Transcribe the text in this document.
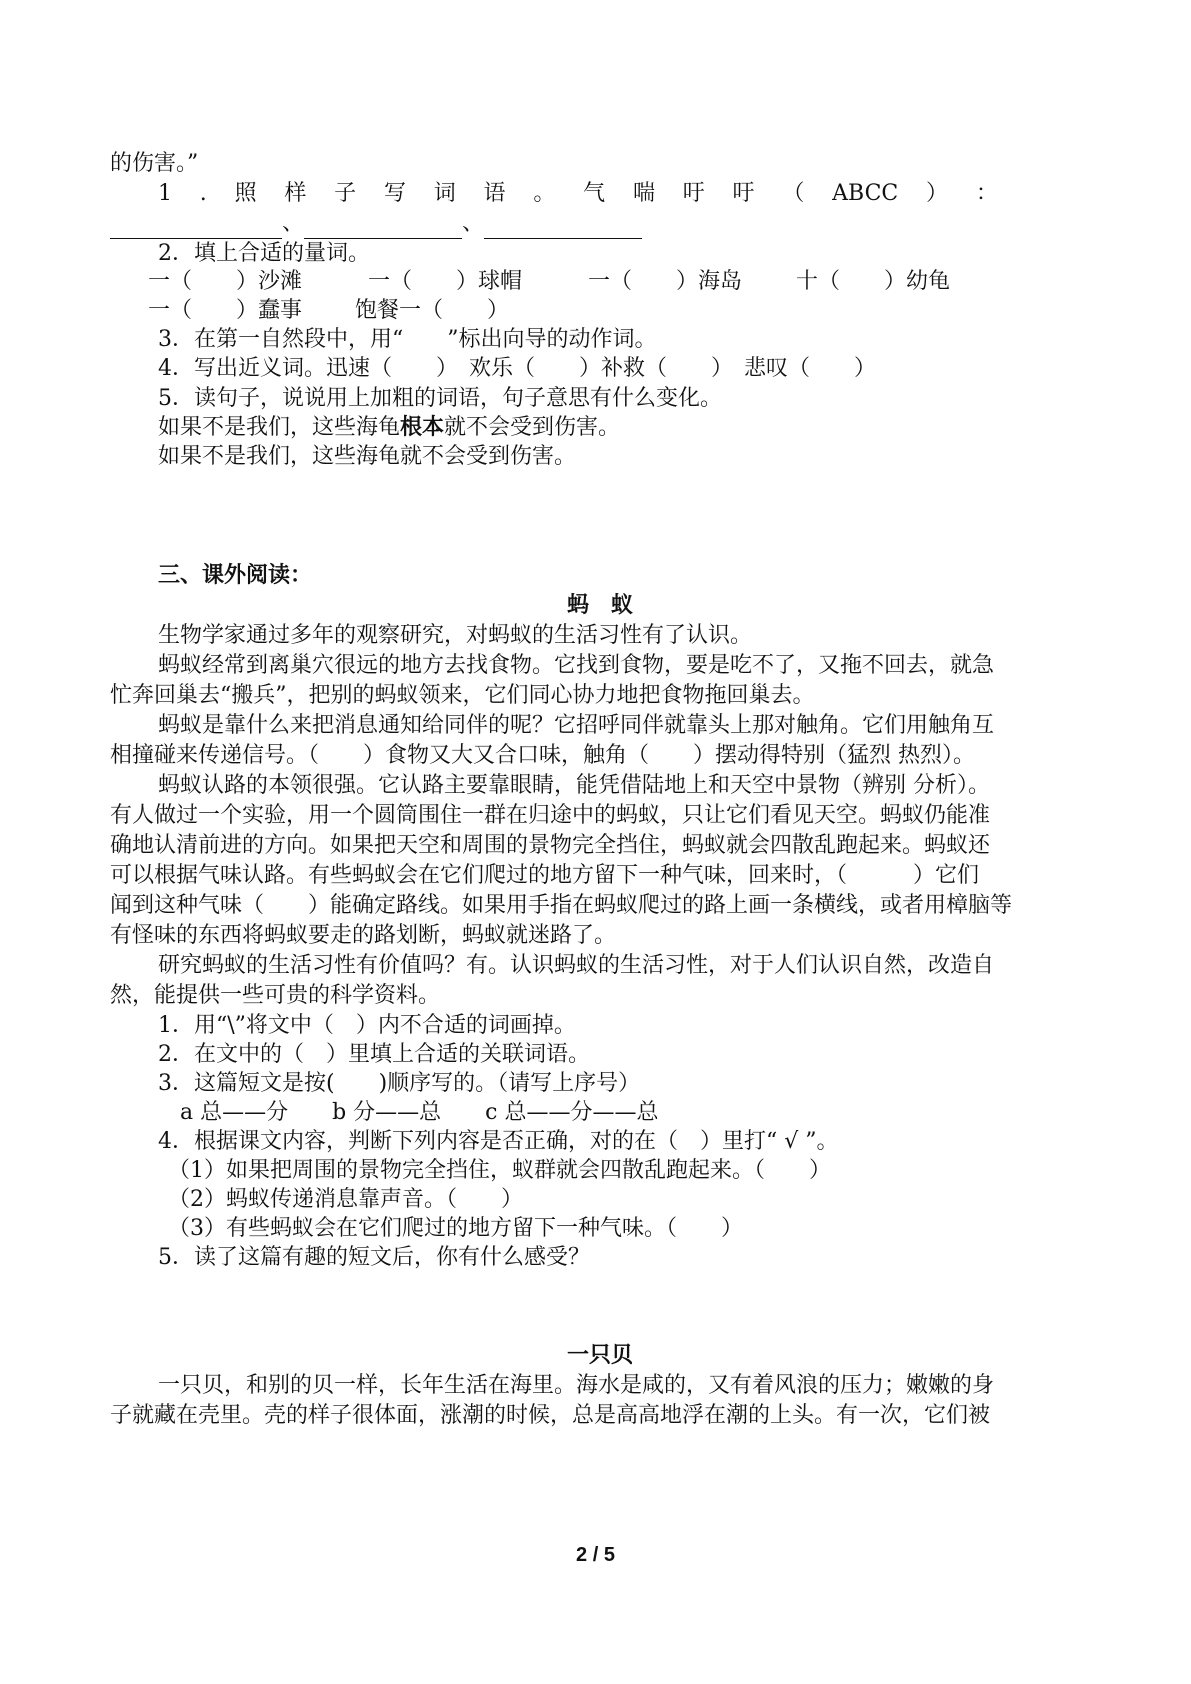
的伤害。”
1 . 照 样 子 写 词 语 。 气 喘 吁 吁 （ ABCC ） ：
、	、
2．填上合适的量词。
一（　　）沙滩	一（　　）球帽	一（　　）海岛 十（　　）幼龟
一（　　）蠢事 饱餐一（　　）
3．在第一自然段中，用“　　”标出向导的动作词。
4．写出近义词。迅速（　　）　欢乐（　　）补救（　　）　悲叹（　　）
5．读句子，说说用上加粗的词语，句子意思有什么变化。
如果不是我们，这些海龟根本就不会受到伤害。
如果不是我们，这些海龟就不会受到伤害。
三、课外阅读：
蚂　蚁
生物学家通过多年的观察研究，对蚂蚁的生活习性有了认识。
蚂蚁经常到离巢穴很远的地方去找食物。它找到食物，要是吃不了，又拖不回去，就急
忙奔回巢去“搬兵”，把别的蚂蚁领来，它们同心协力地把食物拖回巢去。
蚂蚁是靠什么来把消息通知给同伴的呢？它招呼同伴就靠头上那对触角。它们用触角互
相撞碰来传递信号。（　　）食物又大又合口味，触角（　　）摆动得特别（猛烈 热烈）。
蚂蚁认路的本领很强。它认路主要靠眼睛，能凭借陆地上和天空中景物（辨别 分析）。
有人做过一个实验，用一个圆筒围住一群在归途中的蚂蚁，只让它们看见天空。蚂蚁仍能准
确地认清前进的方向。如果把天空和周围的景物完全挡住，蚂蚁就会四散乱跑起来。蚂蚁还
可以根据气味认路。有些蚂蚁会在它们爬过的地方留下一种气味，回来时，（　　　）它们
闻到这种气味（　　）能确定路线。如果用手指在蚂蚁爬过的路上画一条横线，或者用樟脑等
有怪味的东西将蚂蚁要走的路划断，蚂蚁就迷路了。
研究蚂蚁的生活习性有价值吗？有。认识蚂蚁的生活习性，对于人们认识自然，改造自
然，能提供一些可贵的科学资料。
1．用“\”将文中（　）内不合适的词画掉。
2．在文中的（　）里填上合适的关联词语。
3．这篇短文是按(　　)顺序写的。（请写上序号）
a 总——分　　b 分——总　　c 总——分——总
4．根据课文内容，判断下列内容是否正确，对的在（　）里打“ √ ”。
（1）如果把周围的景物完全挡住，蚁群就会四散乱跑起来。（　　）
（2）蚂蚁传递消息靠声音。（　　）
（3）有些蚂蚁会在它们爬过的地方留下一种气味。（　　）
5．读了这篇有趣的短文后，你有什么感受？
一只贝
一只贝，和别的贝一样，长年生活在海里。海水是咸的，又有着风浪的压力；嫩嫩的身
子就藏在壳里。壳的样子很体面，涨潮的时候，总是高高地浮在潮的上头。有一次，它们被
2 / 5
